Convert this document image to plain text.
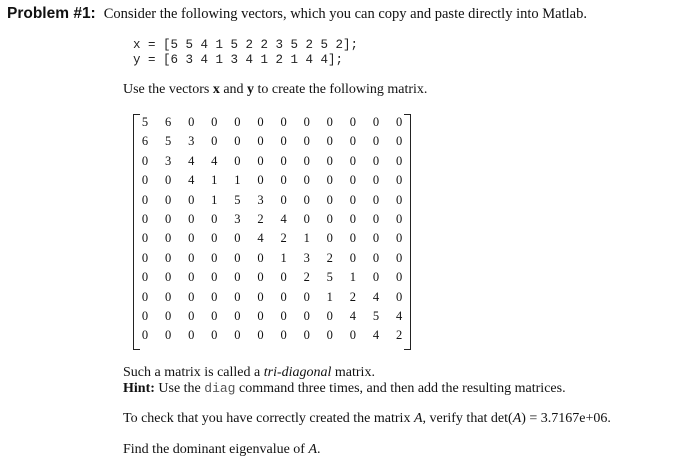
Problem #1: Consider the following vectors, which you can copy and paste directly into Matlab.
x = [5 5 4 1 5 2 2 3 5 2 5 2];
y = [6 3 4 1 3 4 1 2 1 4 4];
Use the vectors x and y to create the following matrix.
5	6	0	0	0	0	0	0	0	0	0	0
6	5	3	0	0	0	0	0	0	0	0	0
0	3	4	4	0	0	0	0	0	0	0	0
0	0	4	1	1	0	0	0	0	0	0	0
0	0	0	1	5	3	0	0	0	0	0	0
0	0	0	0	3	2	4	0	0	0	0	0
0	0	0	0	0	4	2	1	0	0	0	0
0	0	0	0	0	0	1	3	2	0	0	0
0	0	0	0	0	0	0	2	5	1	0	0
0	0	0	0	0	0	0	0	1	2	4	0
0	0	0	0	0	0	0	0	0	4	5	4
0	0	0	0	0	0	0	0	0	0	4	2
Such a matrix is called a tri-diagonal matrix.
Hint: Use the diag command three times, and then add the resulting matrices.
To check that you have correctly created the matrix A, verify that det(A) = 3.7167e+06.
Find the dominant eigenvalue of A.
